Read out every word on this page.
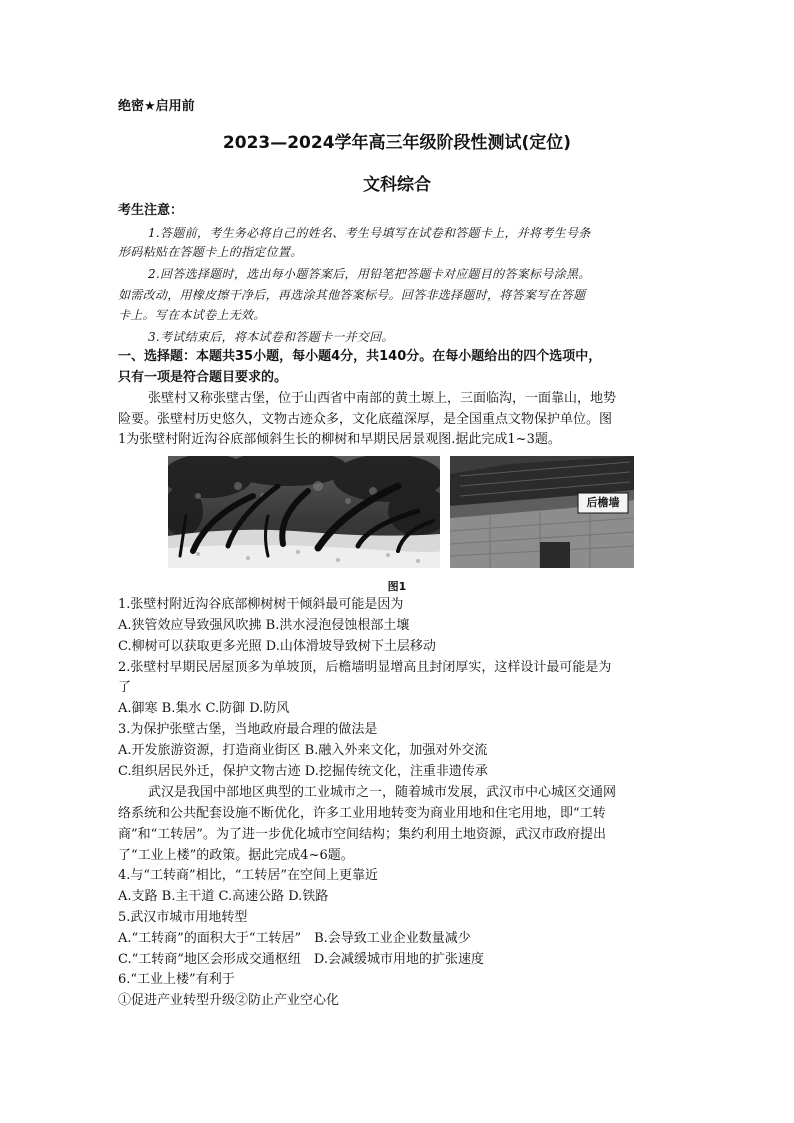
绝密★启用前
2023—2024学年高三年级阶段性测试(定位)
文科综合
考生注意：
1.答题前，考生务必将自己的姓名、考生号填写在试卷和答题卡上，并将考生号条
形码粘贴在答题卡上的指定位置。
2.回答选择题时，选出每小题答案后，用铅笔把答题卡对应题目的答案标号涂黑。
如需改动，用橡皮擦干净后，再选涂其他答案标号。回答非选择题时，将答案写在答题
卡上。写在本试卷上无效。
3.考试结束后，将本试卷和答题卡一并交回。
一、选择题：本题共35小题，每小题4分，共140分。在每小题给出的四个选项中，
只有一项是符合题目要求的。
张壁村又称张壁古堡，位于山西省中南部的黄土塬上，三面临沟，一面靠山，地势
险要。张壁村历史悠久，文物古迹众多，文化底蕴深厚，是全国重点文物保护单位。图
1为张壁村附近沟谷底部倾斜生长的柳树和早期民居景观图.据此完成1~3题。
后檐墙
图1
1.张壁村附近沟谷底部柳树树干倾斜最可能是因为
A.狭管效应导致强风吹拂 B.洪水浸泡侵蚀根部土壤
C.柳树可以获取更多光照 D.山体滑坡导致树下土层移动
2.张壁村早期民居屋顶多为单坡顶，后檐墙明显增高且封闭厚实，这样设计最可能是为
了
A.御寒 B.集水 C.防御 D.防风
3.为保护张壁古堡，当地政府最合理的做法是
A.开发旅游资源，打造商业街区 B.融入外来文化，加强对外交流
C.组织居民外迁，保护文物古迹 D.挖掘传统文化，注重非遗传承
武汉是我国中部地区典型的工业城市之一，随着城市发展，武汉市中心城区交通网
络系统和公共配套设施不断优化，许多工业用地转变为商业用地和住宅用地，即“工转
商”和“工转居”。为了进一步优化城市空间结构；集约利用土地资源，武汉市政府提出
了“工业上楼”的政策。据此完成4~6题。
4.与“工转商”相比，“工转居”在空间上更靠近
A.支路 B.主干道 C.高速公路 D.铁路
5.武汉市城市用地转型
A.“工转商”的面积大于“工转居”　B.会导致工业企业数量减少
C.“工转商”地区会形成交通枢纽　D.会减缓城市用地的扩张速度
6.“工业上楼”有利于
①促进产业转型升级②防止产业空心化
